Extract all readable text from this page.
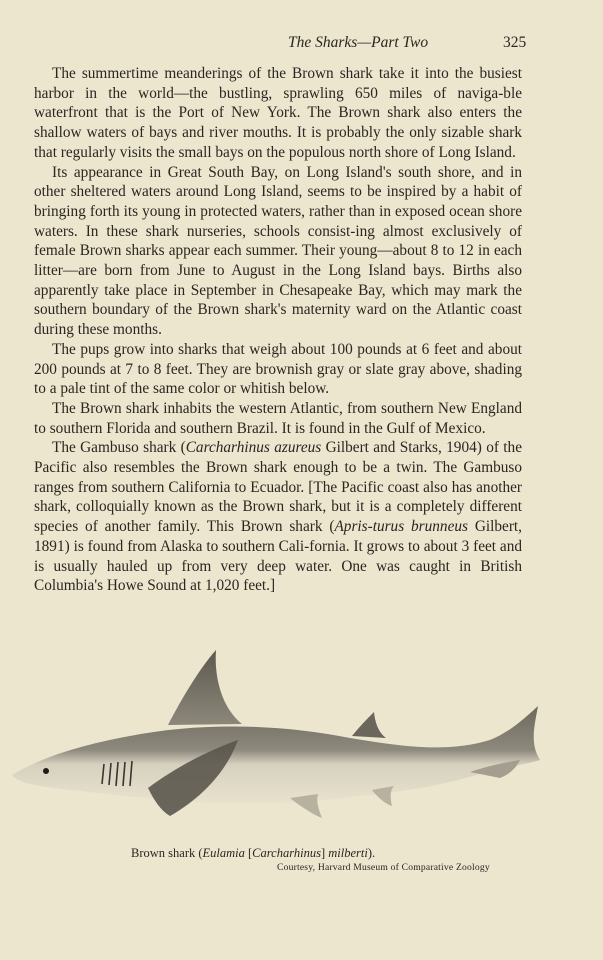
The Sharks—Part Two	325

The summertime meanderings of the Brown shark take it into the busiest harbor in the world—the bustling, sprawling 650 miles of naviga-ble waterfront that is the Port of New York. The Brown shark also enters the shallow waters of bays and river mouths. It is probably the only sizable shark that regularly visits the small bays on the populous north shore of Long Island.

Its appearance in Great South Bay, on Long Island's south shore, and in other sheltered waters around Long Island, seems to be inspired by a habit of bringing forth its young in protected waters, rather than in exposed ocean shore waters. In these shark nurseries, schools consist-ing almost exclusively of female Brown sharks appear each summer. Their young—about 8 to 12 in each litter—are born from June to August in the Long Island bays. Births also apparently take place in September in Chesapeake Bay, which may mark the southern boundary of the Brown shark's maternity ward on the Atlantic coast during these months.

The pups grow into sharks that weigh about 100 pounds at 6 feet and about 200 pounds at 7 to 8 feet. They are brownish gray or slate gray above, shading to a pale tint of the same color or whitish below.

The Brown shark inhabits the western Atlantic, from southern New England to southern Florida and southern Brazil. It is found in the Gulf of Mexico.

The Gambuso shark (Carcharhinus azureus Gilbert and Starks, 1904) of the Pacific also resembles the Brown shark enough to be a twin. The Gambuso ranges from southern California to Ecuador. [The Pacific coast also has another shark, colloquially known as the Brown shark, but it is a completely different species of another family. This Brown shark (Apris-turus brunneus Gilbert, 1891) is found from Alaska to southern Cali-fornia. It grows to about 3 feet and is usually hauled up from very deep water. One was caught in British Columbia's Howe Sound at 1,020 feet.]

Brown shark (Eulamia [Carcharhinus] milberti).
Courtesy, Harvard Museum of Comparative Zoology
